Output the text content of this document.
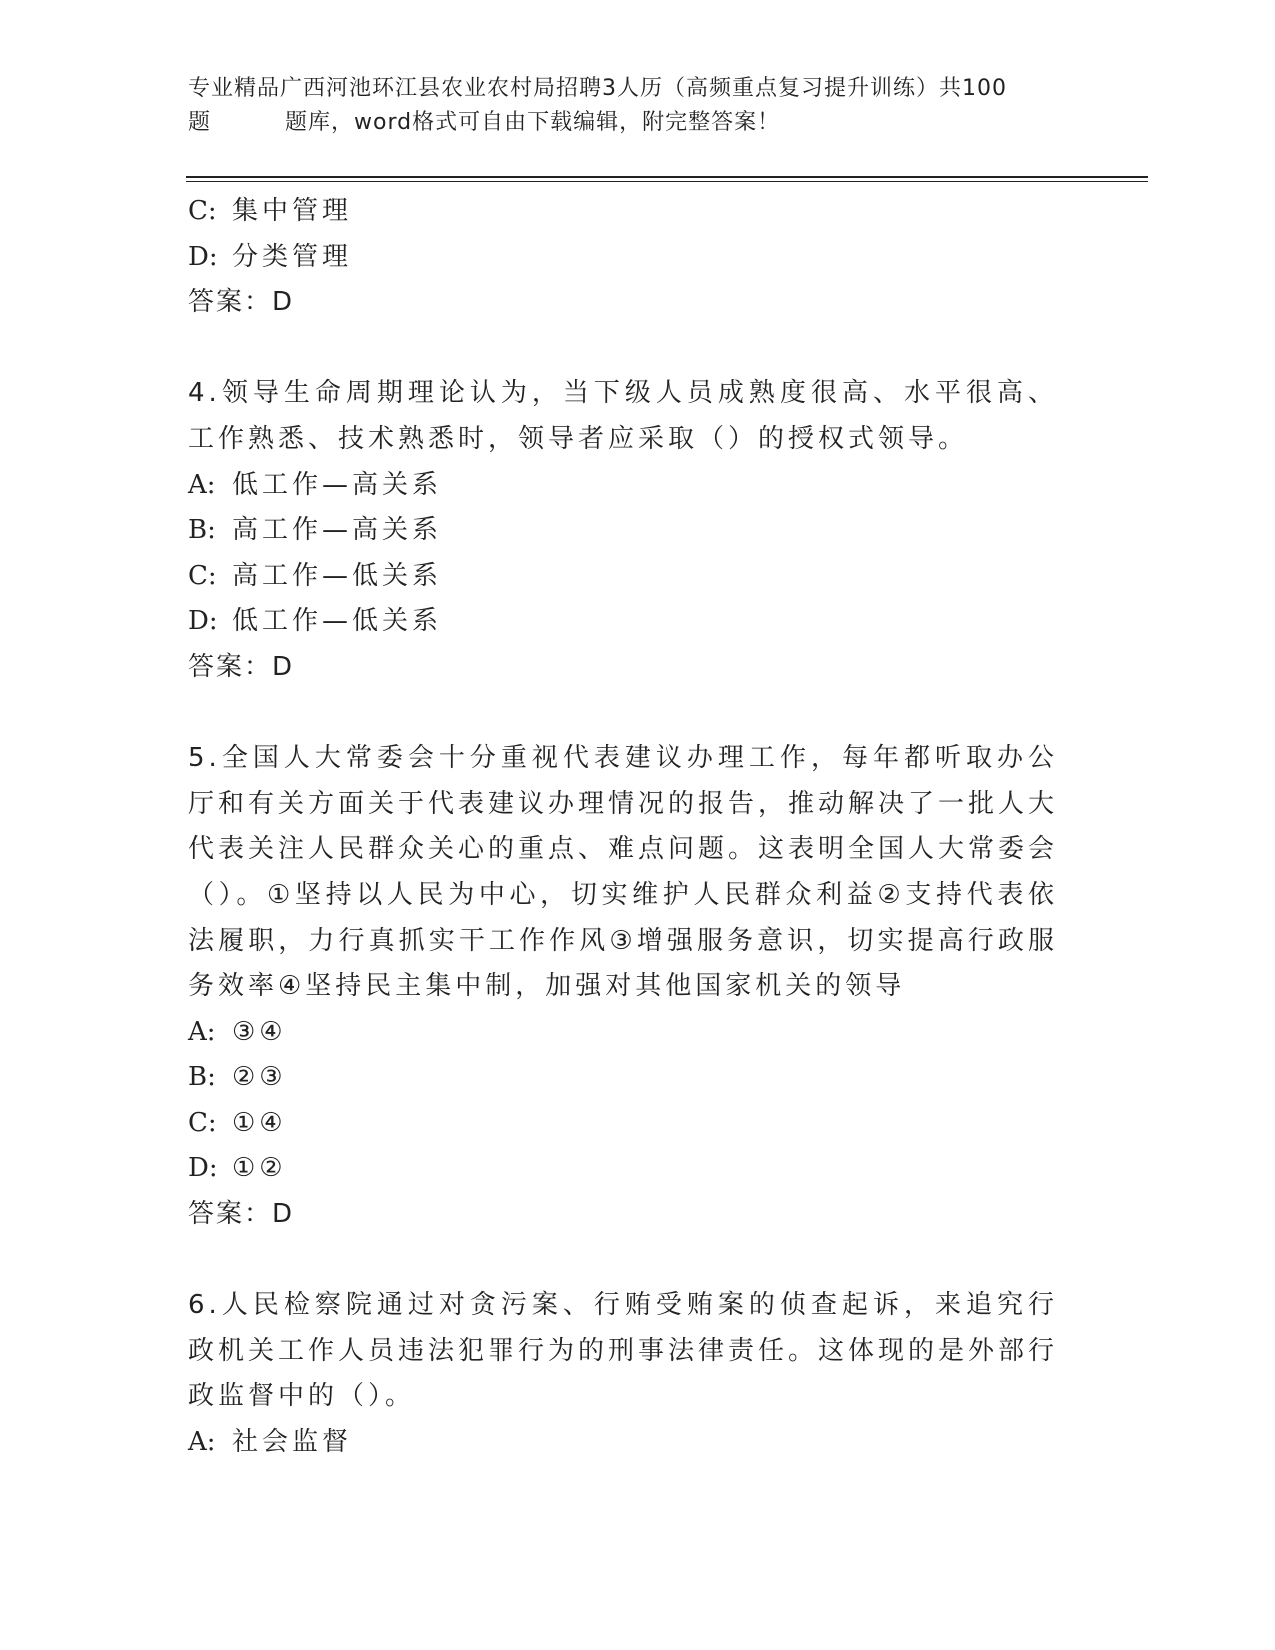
专业精品广西河池环江县农业农村局招聘3人历（高频重点复习提升训练）共100
题	题库，word格式可自由下载编辑，附完整答案！
C: 集中管理
D: 分类管理
答案：D
4.领导生命周期理论认为，当下级人员成熟度很高、水平很高、工作熟悉、技术熟悉时，领导者应采取（）的授权式领导。
A: 低工作—高关系
B: 高工作—高关系
C: 高工作—低关系
D: 低工作—低关系
答案：D
5.全国人大常委会十分重视代表建议办理工作，每年都听取办公厅和有关方面关于代表建议办理情况的报告，推动解决了一批人大代表关注人民群众关心的重点、难点问题。这表明全国人大常委会（）。①坚持以人民为中心，切实维护人民群众利益②支持代表依法履职，力行真抓实干工作作风③增强服务意识，切实提高行政服务效率④坚持民主集中制，加强对其他国家机关的领导
A: ③④
B: ②③
C: ①④
D: ①②
答案：D
6.人民检察院通过对贪污案、行贿受贿案的侦查起诉，来追究行政机关工作人员违法犯罪行为的刑事法律责任。这体现的是外部行政监督中的（）。
A: 社会监督
